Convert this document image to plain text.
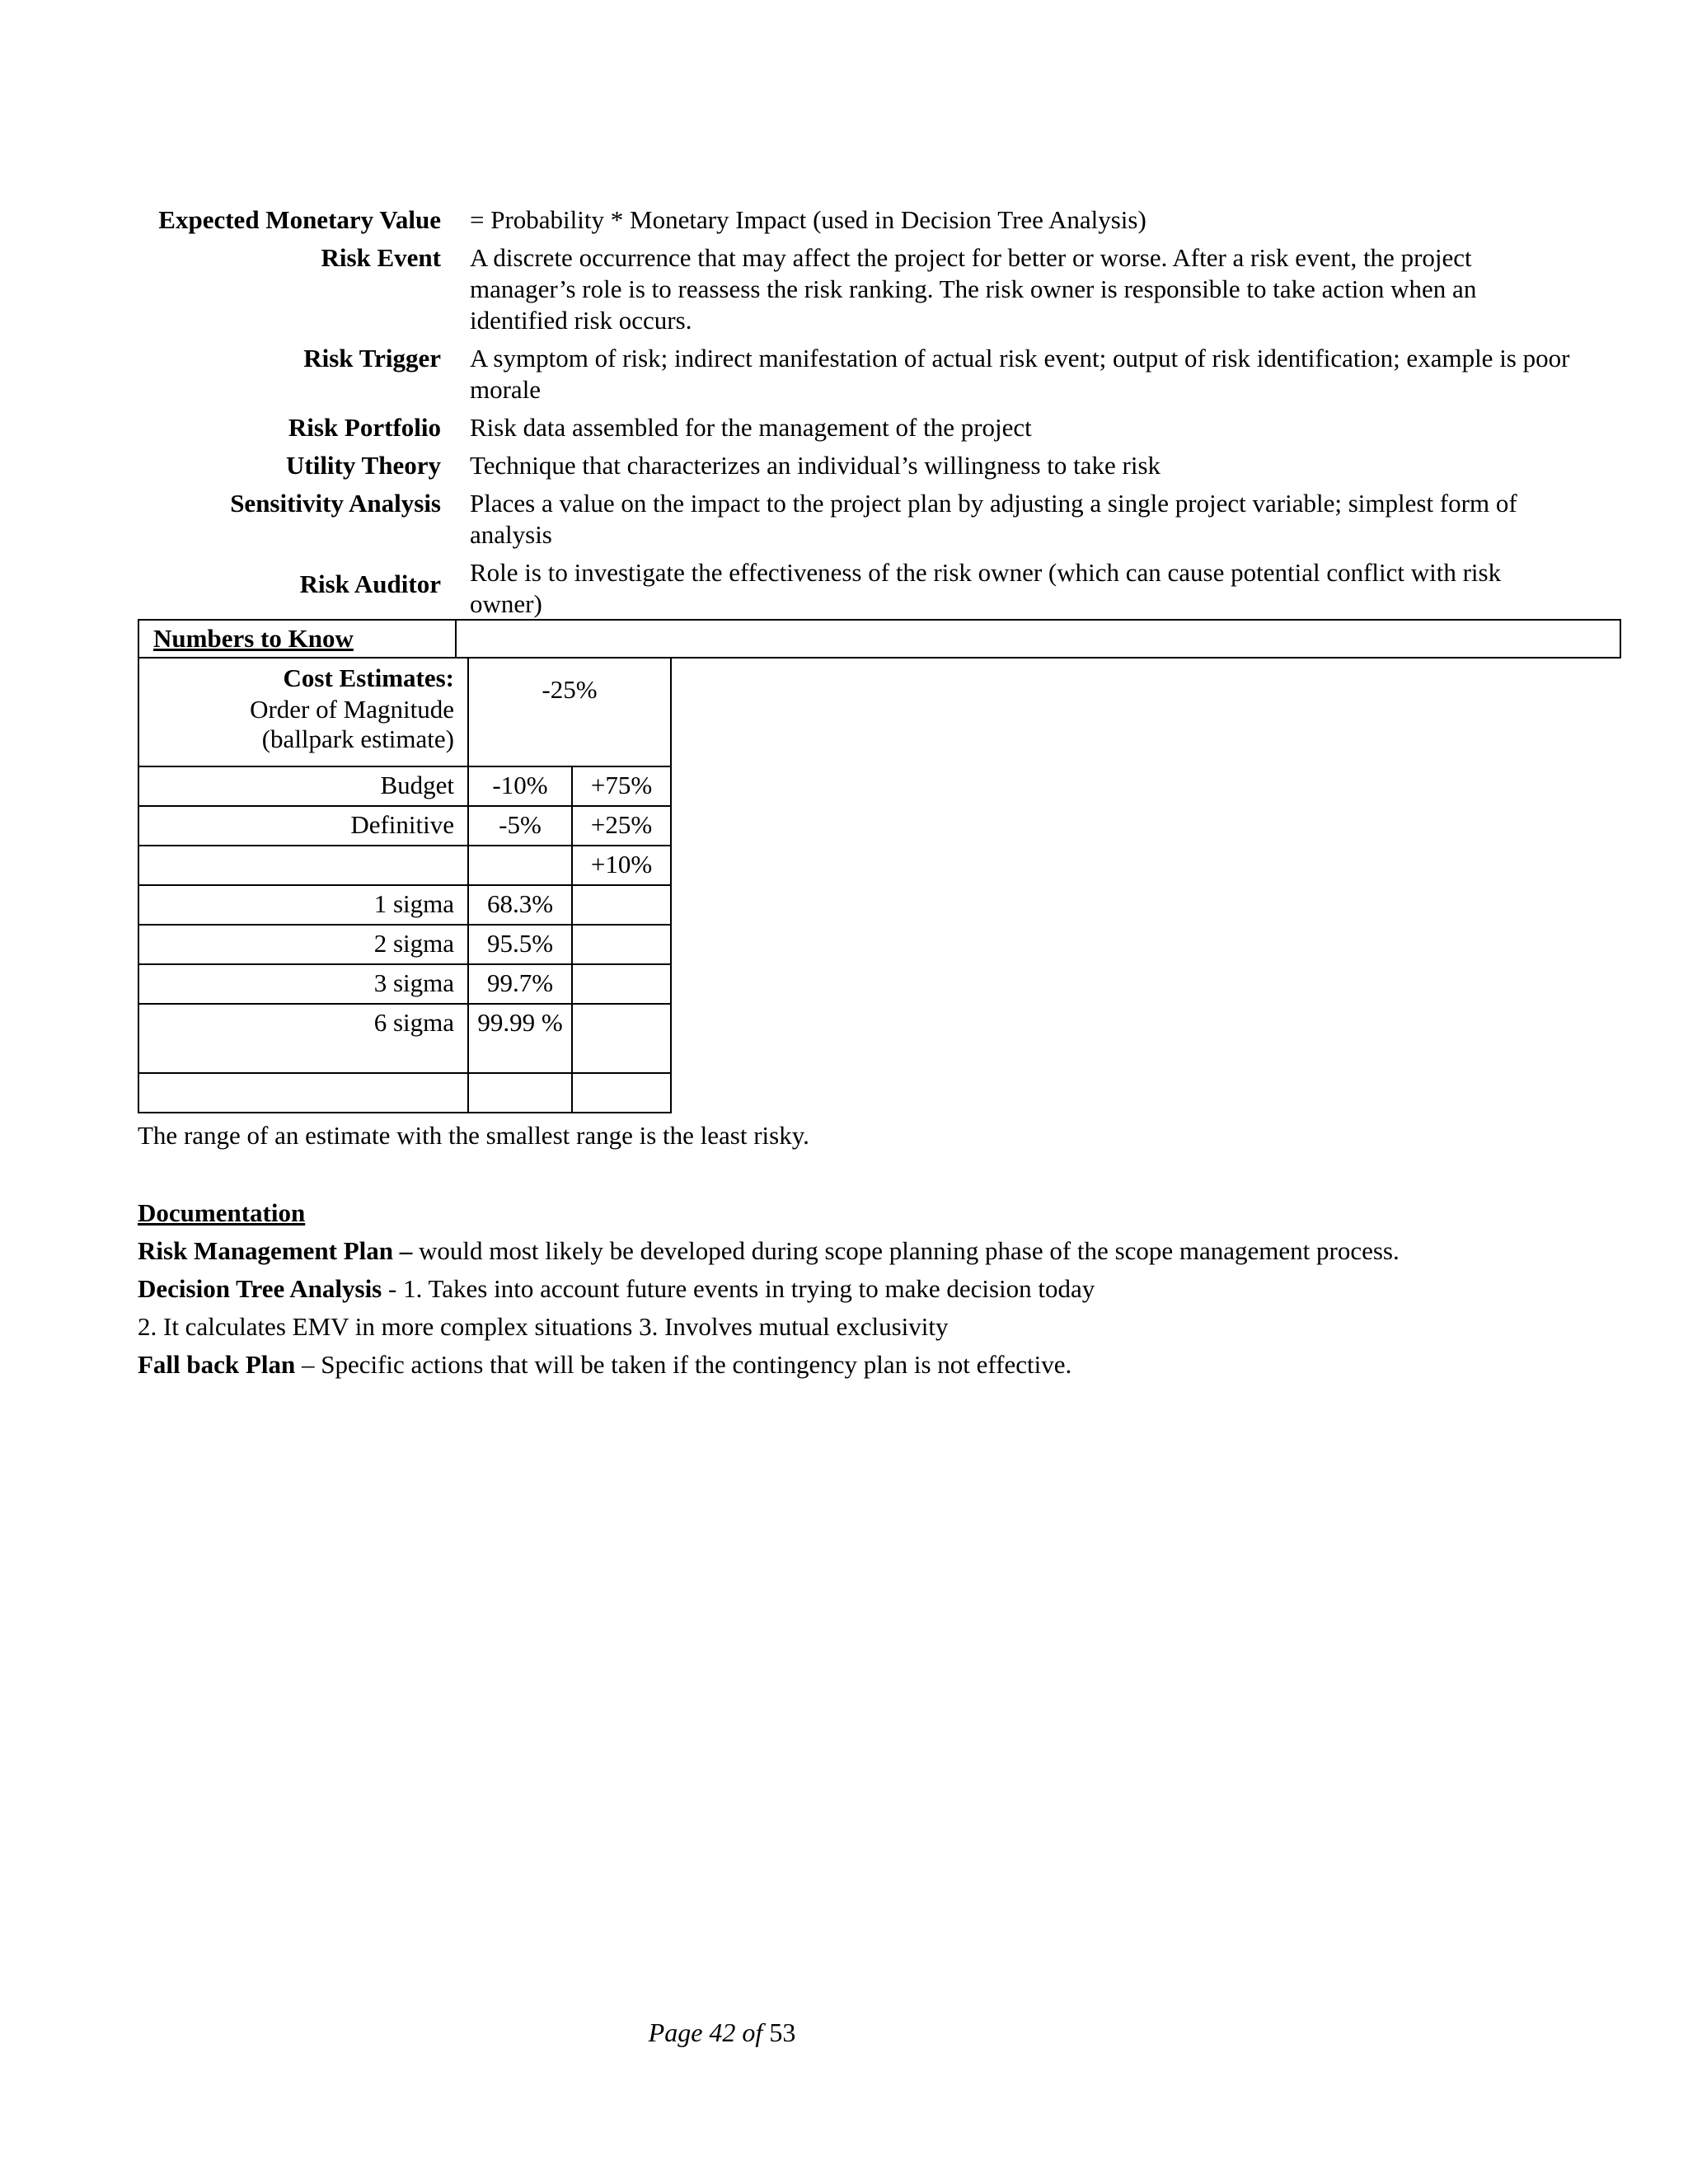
Expected Monetary Value	= Probability * Monetary Impact (used in Decision Tree Analysis)
Risk Event	A discrete occurrence that may affect the project for better or worse. After a risk event, the project manager’s role is to reassess the risk ranking. The risk owner is responsible to take action when an identified risk occurs.
Risk Trigger	A symptom of risk; indirect manifestation of actual risk event; output of risk identification; example is poor morale
Risk Portfolio	Risk data assembled for the management of the project
Utility Theory	Technique that characterizes an individual’s willingness to take risk
Sensitivity Analysis	Places a value on the impact to the project plan by adjusting a single project variable; simplest form of analysis
Risk Auditor	Role is to investigate the effectiveness of the risk owner (which can cause potential conflict with risk owner)
Numbers to Know
Cost Estimates:
Order of Magnitude (ballpark estimate)	-25%	
Budget	-10%	+75%
Definitive	-5%	+25%
		+10%
1 sigma	68.3%	
2 sigma	95.5%	
3 sigma	99.7%	
6 sigma	99.99 %	

The range of an estimate with the smallest range is the least risky.
Documentation
Risk Management Plan – would most likely be developed during scope planning phase of the scope management process.
Decision Tree Analysis - 1. Takes into account future events in trying to make decision today
2. It calculates EMV in more complex situations 3. Involves mutual exclusivity
Fall back Plan – Specific actions that will be taken if the contingency plan is not effective.
Page 42 of 53
